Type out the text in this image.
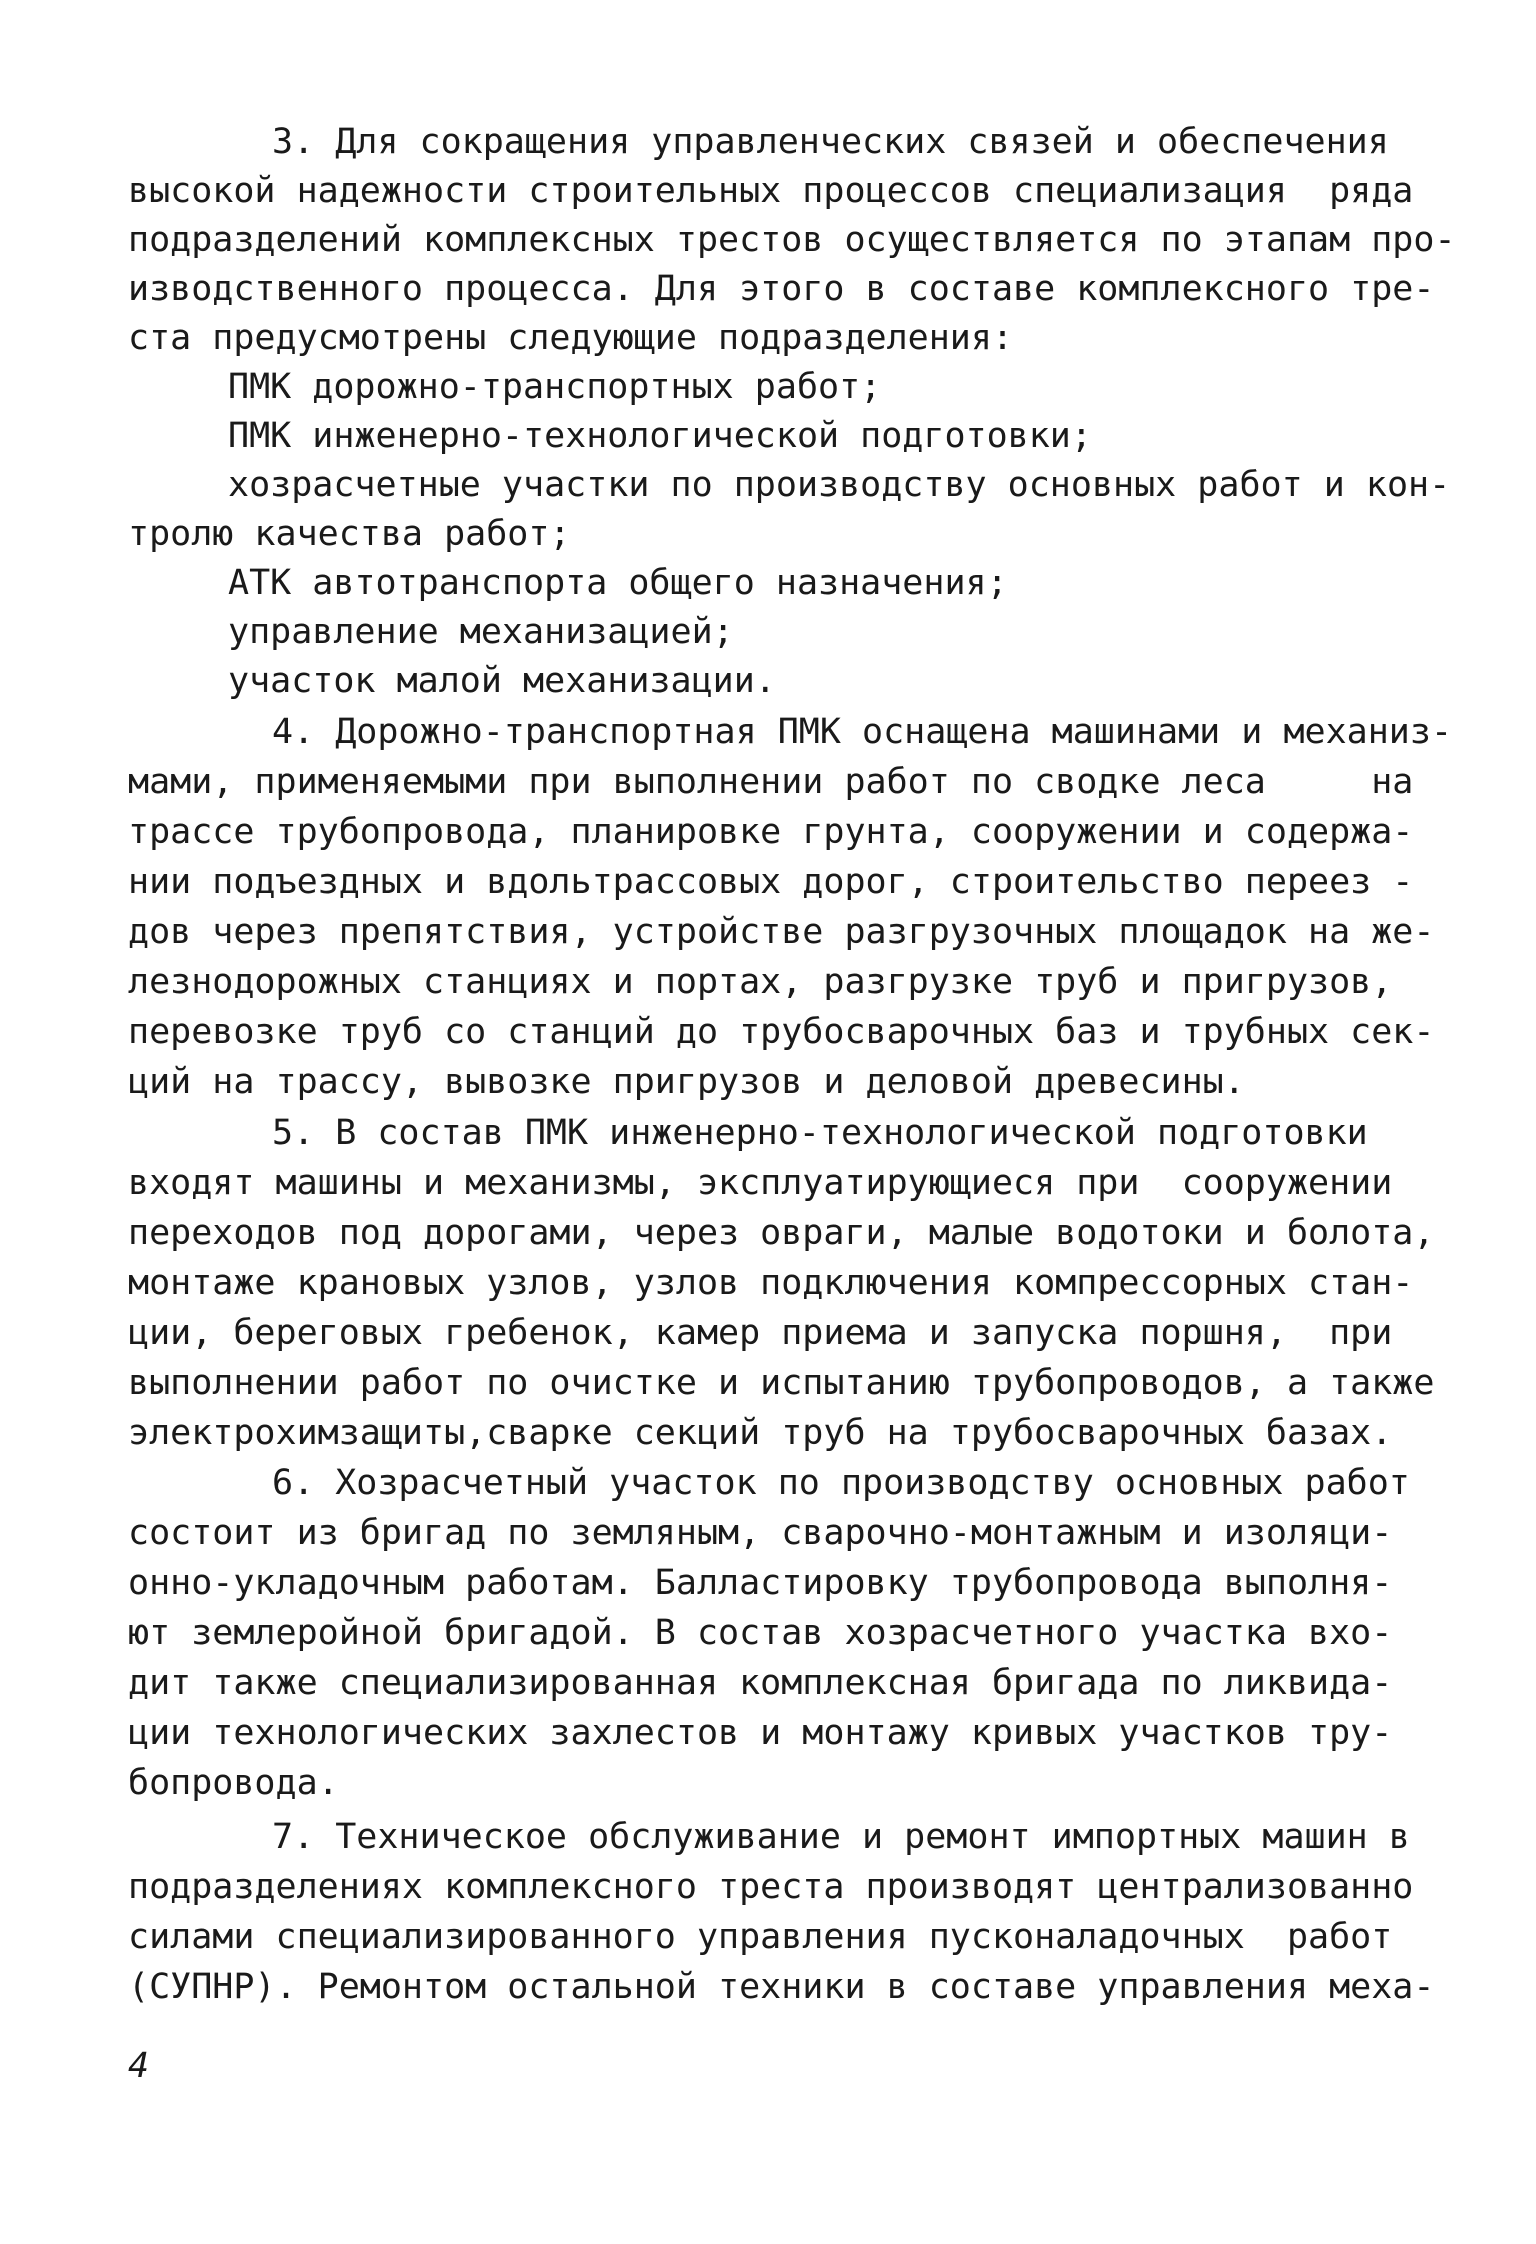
3. Для сокращения управленческих связей и обеспечения
высокой надежности строительных процессов специализация  ряда
подразделений комплексных трестов осуществляется по этапам про-
изводственного процесса. Для этого в составе комплексного тре-
ста предусмотрены следующие подразделения:
ПМК дорожно-транспортных работ;
ПМК инженерно-технологической подготовки;
хозрасчетные участки по производству основных работ и кон-
тролю качества работ;
АТК автотранспорта общего назначения;
управление механизацией;
участок малой механизации.
4. Дорожно-транспортная ПМК оснащена машинами и механиз-
мами, применяемыми при выполнении работ по сводке леса     на
трассе трубопровода, планировке грунта, сооружении и содержа-
нии подъездных и вдольтрассовых дорог, строительство переез -
дов через препятствия, устройстве разгрузочных площадок на же-
лезнодорожных станциях и портах, разгрузке труб и пригрузов,
перевозке труб со станций до трубосварочных баз и трубных сек-
ций на трассу, вывозке пригрузов и деловой древесины.
5. В состав ПМК инженерно-технологической подготовки
входят машины и механизмы, эксплуатирующиеся при  сооружении
переходов под дорогами, через овраги, малые водотоки и болота,
монтаже крановых узлов, узлов подключения компрессорных стан-
ции, береговых гребенок, камер приема и запуска поршня,  при
выполнении работ по очистке и испытанию трубопроводов, а также
электрохимзащиты,сварке секций труб на трубосварочных базах.
6. Хозрасчетный участок по производству основных работ
состоит из бригад по земляным, сварочно-монтажным и изоляци-
онно-укладочным работам. Балластировку трубопровода выполня-
ют землеройной бригадой. В состав хозрасчетного участка вхо-
дит также специализированная комплексная бригада по ликвида-
ции технологических захлестов и монтажу кривых участков тру-
бопровода.
7. Техническое обслуживание и ремонт импортных машин в
подразделениях комплексного треста производят централизованно
силами специализированного управления пусконаладочных  работ
(СУПНР). Ремонтом остальной техники в составе управления меха-
4
